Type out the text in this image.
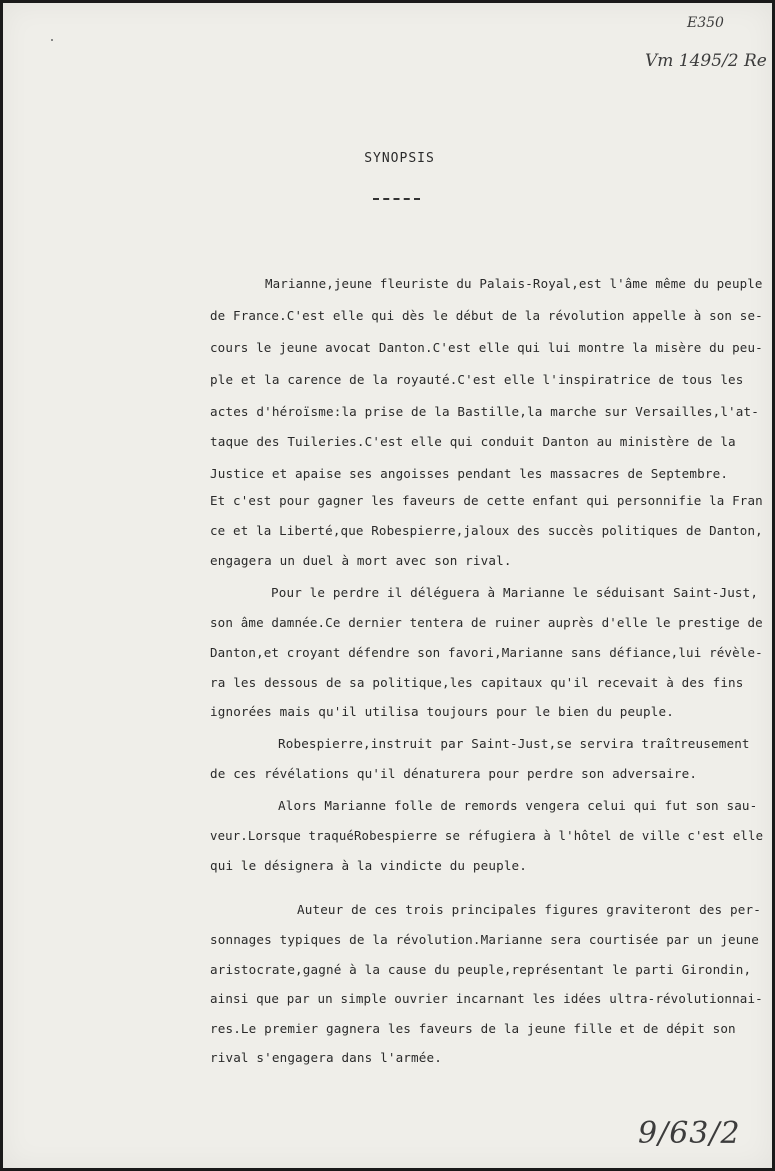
E350
Vm 1495/2 Re
SYNOPSIS
Marianne,jeune fleuriste du Palais-Royal,est l'âme même du peuple
de France.C'est elle qui dès le début de la révolution appelle à son se-
cours le jeune avocat Danton.C'est elle qui lui montre la misère du peu-
ple et la carence de la royauté.C'est elle l'inspiratrice de tous les
actes d'héroïsme:la prise de la Bastille,la marche sur Versailles,l'at-
taque des Tuileries.C'est elle qui conduit Danton au ministère de la
Justice et apaise ses angoisses pendant les massacres de Septembre.
Et c'est pour gagner les faveurs de cette enfant qui personnifie la Fran
ce et la Liberté,que Robespierre,jaloux des succès politiques de Danton,
engagera un duel à mort avec son rival.
Pour le perdre il déléguera à Marianne le séduisant Saint-Just,
son âme damnée.Ce dernier tentera de ruiner auprès d'elle le prestige de
Danton,et croyant défendre son favori,Marianne sans défiance,lui révèle-
ra les dessous de sa politique,les capitaux qu'il recevait à des fins
ignorées mais qu'il utilisa toujours pour le bien du peuple.
Robespierre,instruit par Saint-Just,se servira traîtreusement
de ces révélations qu'il dénaturera pour perdre son adversaire.
Alors Marianne folle de remords vengera celui qui fut son sau-
veur.Lorsque traquéRobespierre se réfugiera à l'hôtel de ville c'est elle
qui le désignera à la vindicte du peuple.
Auteur de ces trois principales figures graviteront des per-
sonnages typiques de la révolution.Marianne sera courtisée par un jeune
aristocrate,gagné à la cause du peuple,représentant le parti Girondin,
ainsi que par un simple ouvrier incarnant les idées ultra-révolutionnai-
res.Le premier gagnera les faveurs de la jeune fille et de dépit son
rival s'engagera dans l'armée.
9/63/2
